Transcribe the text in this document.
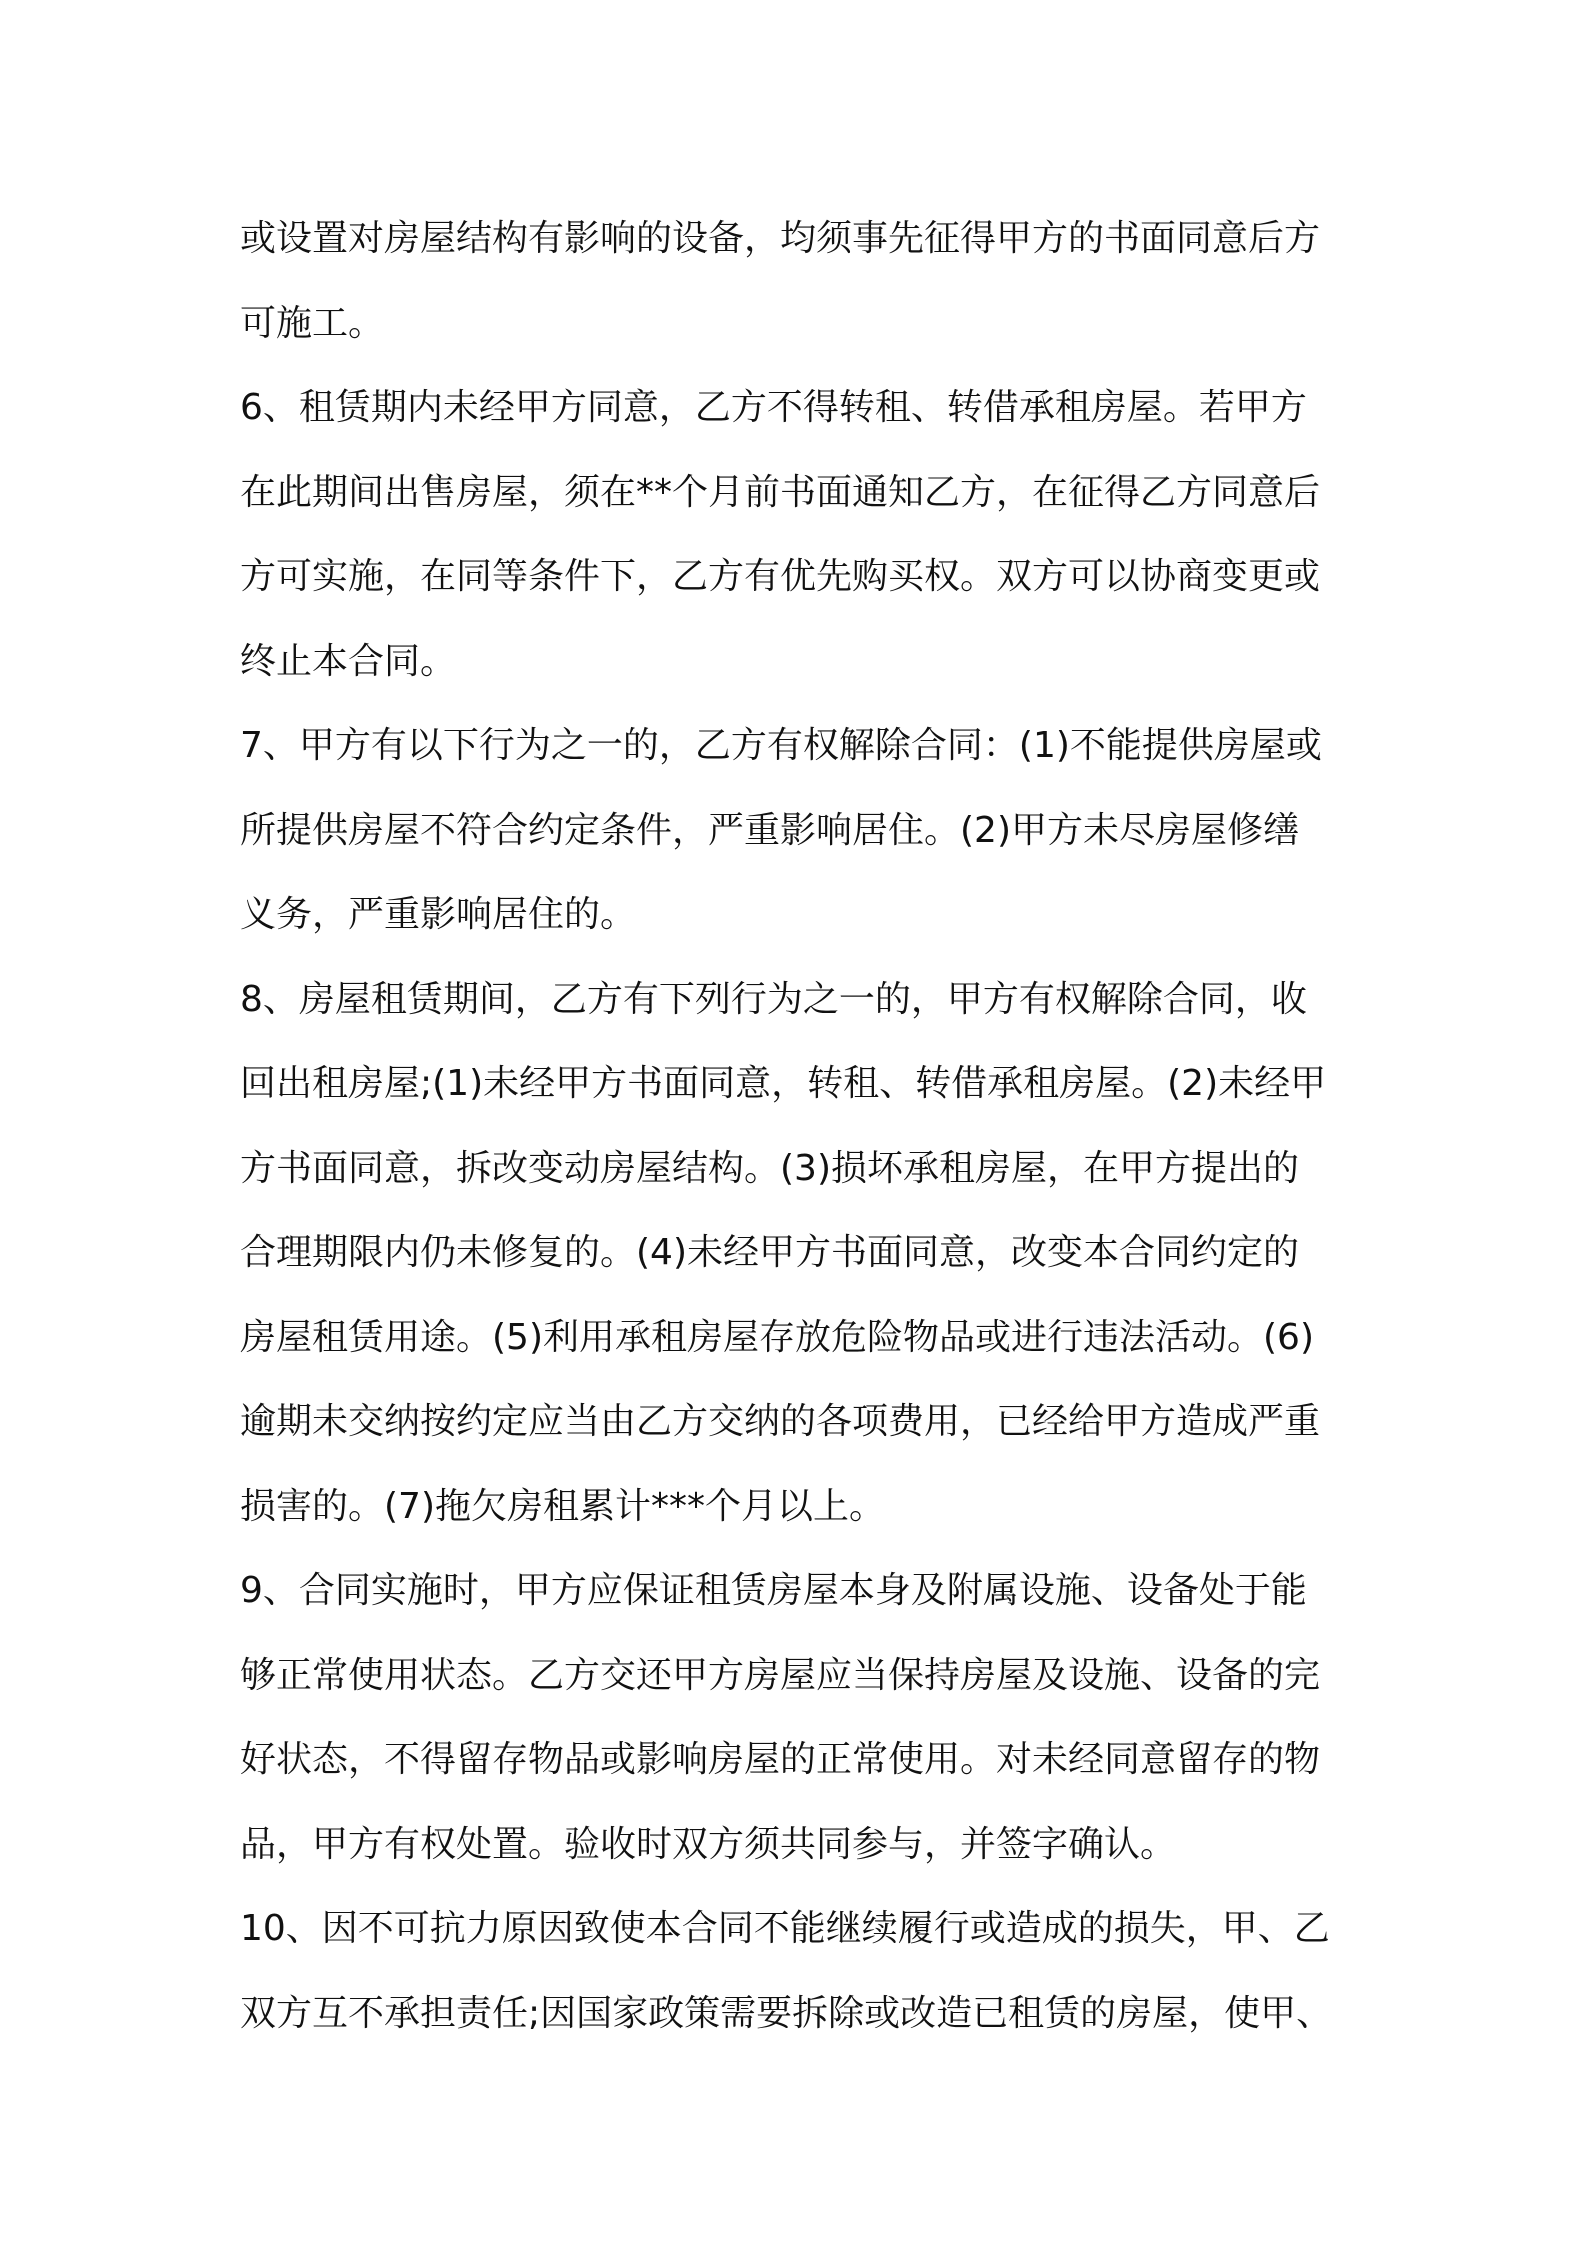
或设置对房屋结构有影响的设备，均须事先征得甲方的书面同意后方
可施工。
6、租赁期内未经甲方同意，乙方不得转租、转借承租房屋。若甲方
在此期间出售房屋，须在**个月前书面通知乙方，在征得乙方同意后
方可实施，在同等条件下，乙方有优先购买权。双方可以协商变更或
终止本合同。
7、甲方有以下行为之一的，乙方有权解除合同：(1)不能提供房屋或
所提供房屋不符合约定条件，严重影响居住。(2)甲方未尽房屋修缮
义务，严重影响居住的。
8、房屋租赁期间，乙方有下列行为之一的，甲方有权解除合同，收
回出租房屋;(1)未经甲方书面同意，转租、转借承租房屋。(2)未经甲
方书面同意，拆改变动房屋结构。(3)损坏承租房屋，在甲方提出的
合理期限内仍未修复的。(4)未经甲方书面同意，改变本合同约定的
房屋租赁用途。(5)利用承租房屋存放危险物品或进行违法活动。(6)
逾期未交纳按约定应当由乙方交纳的各项费用，已经给甲方造成严重
损害的。(7)拖欠房租累计***个月以上。
9、合同实施时，甲方应保证租赁房屋本身及附属设施、设备处于能
够正常使用状态。乙方交还甲方房屋应当保持房屋及设施、设备的完
好状态，不得留存物品或影响房屋的正常使用。对未经同意留存的物
品，甲方有权处置。验收时双方须共同参与，并签字确认。
10、因不可抗力原因致使本合同不能继续履行或造成的损失，甲、乙
双方互不承担责任;因国家政策需要拆除或改造已租赁的房屋，使甲、
